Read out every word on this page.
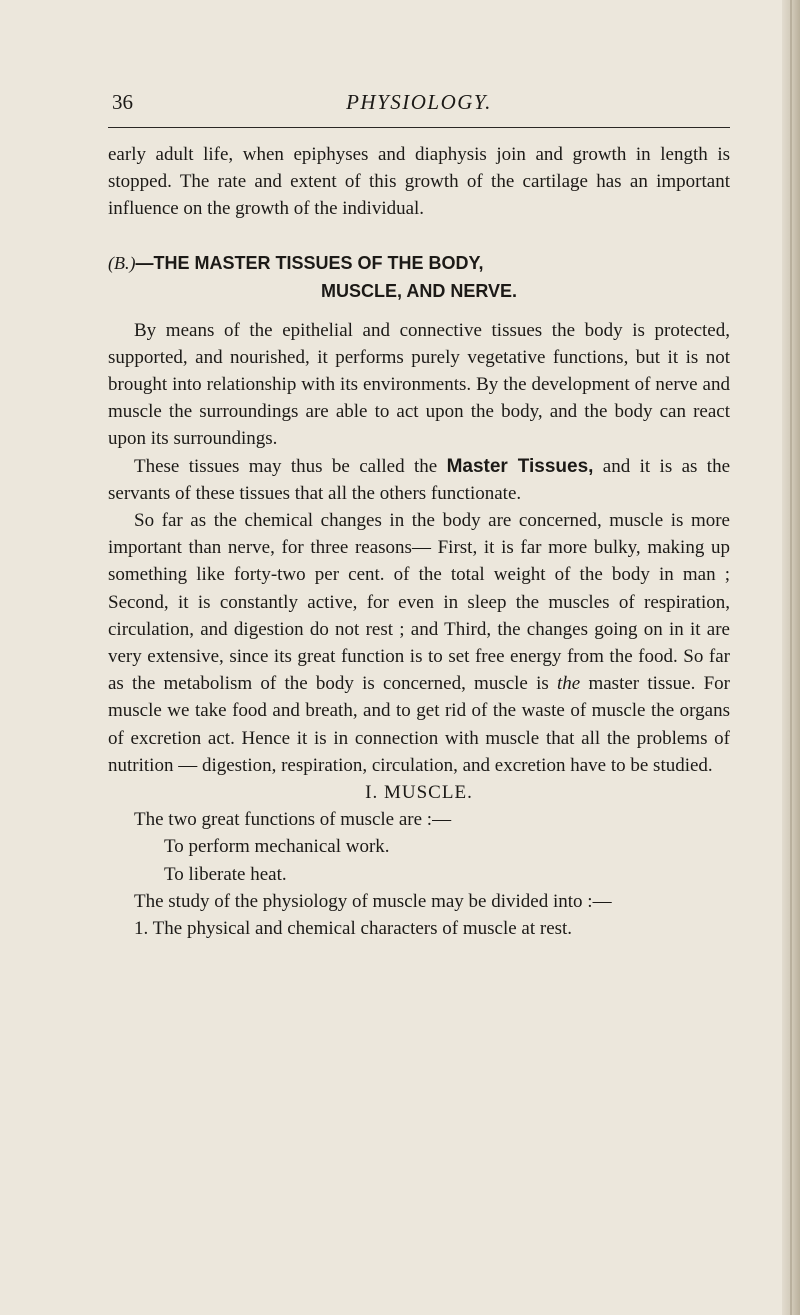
36	PHYSIOLOGY.

early adult life, when epiphyses and diaphysis join and growth in length is stopped. The rate and extent of this growth of the cartilage has an important influence on the growth of the individual.

(B.)—THE MASTER TISSUES OF THE BODY,
MUSCLE, AND NERVE.

By means of the epithelial and connective tissues the body is protected, supported, and nourished, it performs purely vegetative functions, but it is not brought into relationship with its environments. By the development of nerve and muscle the surroundings are able to act upon the body, and the body can react upon its surroundings.

These tissues may thus be called the Master Tissues, and it is as the servants of these tissues that all the others functionate.

So far as the chemical changes in the body are concerned, muscle is more important than nerve, for three reasons— First, it is far more bulky, making up something like forty-two per cent. of the total weight of the body in man ; Second, it is constantly active, for even in sleep the muscles of respiration, circulation, and digestion do not rest ; and Third, the changes going on in it are very extensive, since its great function is to set free energy from the food. So far as the metabolism of the body is concerned, muscle is the master tissue. For muscle we take food and breath, and to get rid of the waste of muscle the organs of excretion act. Hence it is in connection with muscle that all the problems of nutrition — digestion, respiration, circulation, and excretion have to be studied.

I. MUSCLE.

The two great functions of muscle are :—

To perform mechanical work.

To liberate heat.

The study of the physiology of muscle may be divided into :—

1. The physical and chemical characters of muscle at rest.
